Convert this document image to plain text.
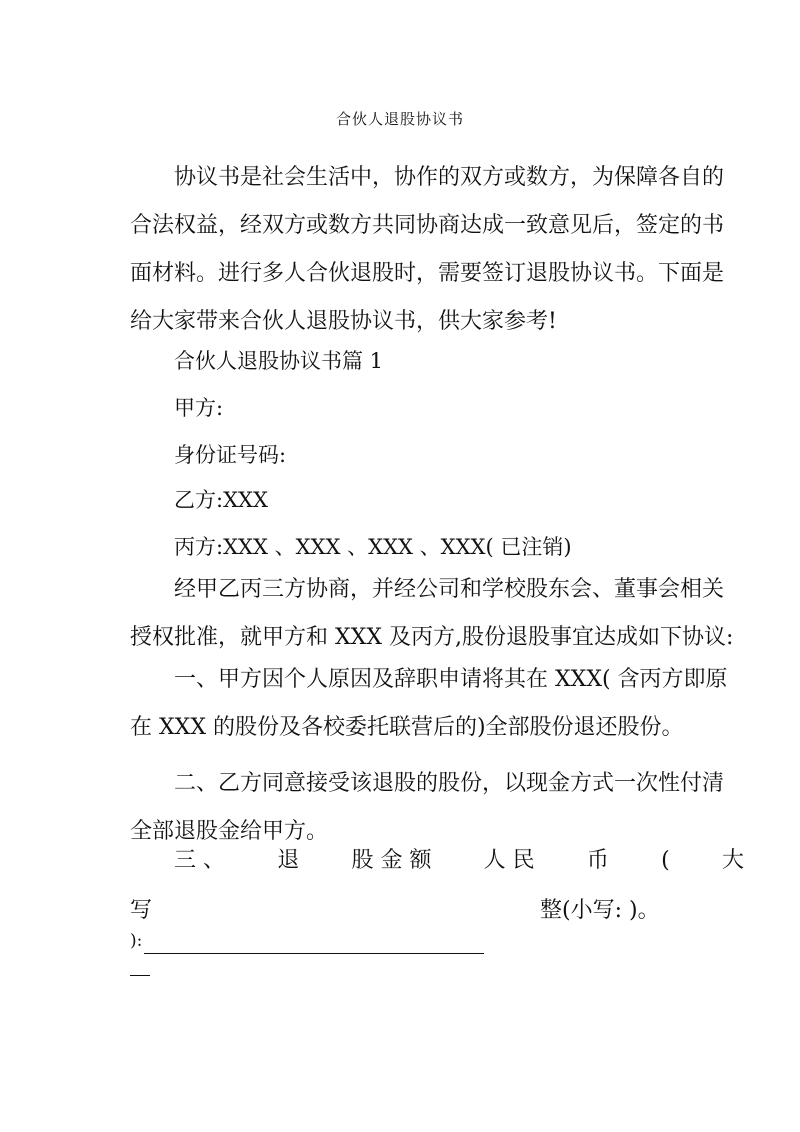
合伙人退股协议书
协议书是社会生活中，协作的双方或数方，为保障各自的合法权益，经双方或数方共同协商达成一致意见后，签定的书面材料。进行多人合伙退股时，需要签订退股协议书。下面是给大家带来合伙人退股协议书，供大家参考!
合伙人退股协议书篇 1
甲方:
身份证号码:
乙方:XXX
丙方:XXX 、XXX 、XXX 、XXX( 已注销)
经甲乙丙三方协商，并经公司和学校股东会、董事会相关授权批准，就甲方和 XXX 及丙方,股份退股事宜达成如下协议:
一、甲方因个人原因及辞职申请将其在 XXX( 含丙方即原在 XXX 的股份及各校委托联营后的)全部股份退还股份。
二、乙方同意接受该退股的股份，以现金方式一次性付清全部退股金给甲方。
三 、 退 股 金 额 人 民 币 ( 大
写	整(小写: )。
):
